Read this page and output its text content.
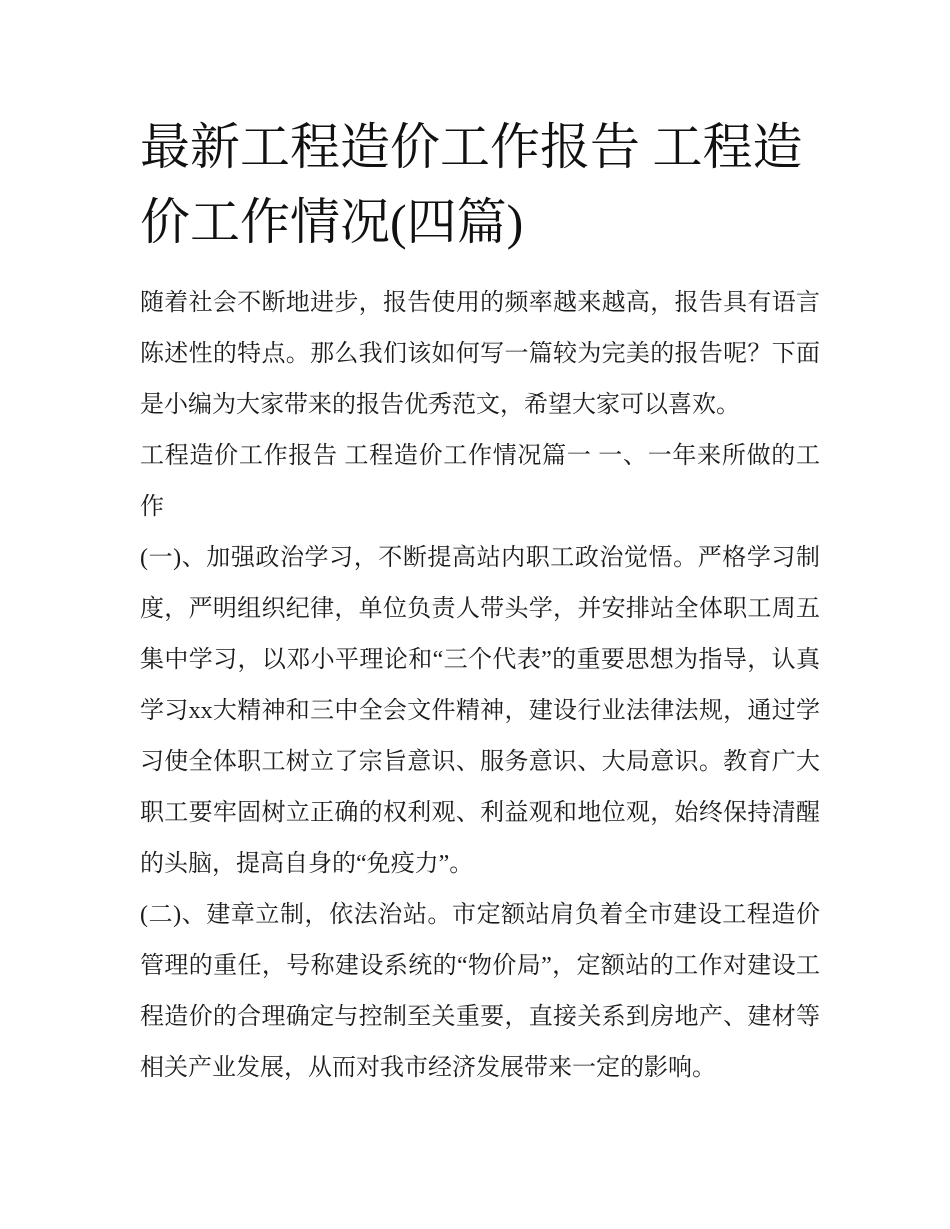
最新工程造价工作报告 工程造价工作情况(四篇)

随着社会不断地进步，报告使用的频率越来越高，报告具有语言陈述性的特点。那么我们该如何写一篇较为完美的报告呢？下面是小编为大家带来的报告优秀范文，希望大家可以喜欢。

工程造价工作报告 工程造价工作情况篇一 一、一年来所做的工作

(一)、加强政治学习，不断提高站内职工政治觉悟。严格学习制度，严明组织纪律，单位负责人带头学，并安排站全体职工周五集中学习，以邓小平理论和“三个代表”的重要思想为指导，认真学习xx大精神和三中全会文件精神，建设行业法律法规，通过学习使全体职工树立了宗旨意识、服务意识、大局意识。教育广大职工要牢固树立正确的权利观、利益观和地位观，始终保持清醒的头脑，提高自身的“免疫力”。

(二)、建章立制，依法治站。市定额站肩负着全市建设工程造价管理的重任，号称建设系统的“物价局”，定额站的工作对建设工程造价的合理确定与控制至关重要，直接关系到房地产、建材等相关产业发展，从而对我市经济发展带来一定的影响。
